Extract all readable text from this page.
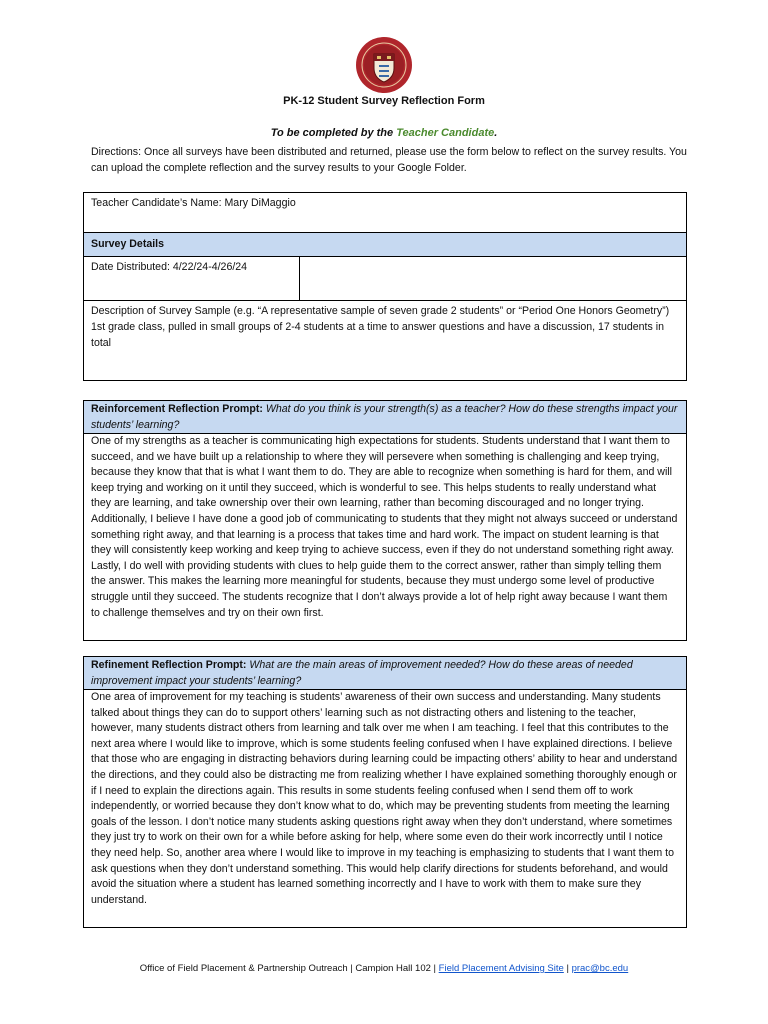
PK-12 Student Survey Reflection Form
To be completed by the Teacher Candidate.
Directions: Once all surveys have been distributed and returned, please use the form below to reflect on the survey results. You can upload the complete reflection and the survey results to your Google Folder.
Teacher Candidate’s Name: Mary DiMaggio
Survey Details
Date Distributed: 4/22/24-4/26/24	

Description of Survey Sample (e.g. “A representative sample of seven grade 2 students” or “Period One Honors Geometry”)
1st grade class, pulled in small groups of 2-4 students at a time to answer questions and have a discussion, 17 students in total
Reinforcement Reflection Prompt: What do you think is your strength(s) as a teacher? How do these strengths impact your students’ learning?
One of my strengths as a teacher is communicating high expectations for students. Students understand that I want them to succeed, and we have built up a relationship to where they will persevere when something is challenging and keep trying, because they know that that is what I want them to do. They are able to recognize when something is hard for them, and will keep trying and working on it until they succeed, which is wonderful to see. This helps students to really understand what they are learning, and take ownership over their own learning, rather than becoming discouraged and no longer trying. Additionally, I believe I have done a good job of communicating to students that they might not always succeed or understand something right away, and that learning is a process that takes time and hard work. The impact on student learning is that they will consistently keep working and keep trying to achieve success, even if they do not understand something right away. Lastly, I do well with providing students with clues to help guide them to the correct answer, rather than simply telling them the answer. This makes the learning more meaningful for students, because they must undergo some level of productive struggle until they succeed. The students recognize that I don’t always provide a lot of help right away because I want them to challenge themselves and try on their own first.
Refinement Reflection Prompt: What are the main areas of improvement needed? How do these areas of needed improvement impact your students’ learning?
One area of improvement for my teaching is students’ awareness of their own success and understanding. Many students talked about things they can do to support others’ learning such as not distracting others and listening to the teacher, however, many students distract others from learning and talk over me when I am teaching. I feel that this contributes to the next area where I would like to improve, which is some students feeling confused when I have explained directions. I believe that those who are engaging in distracting behaviors during learning could be impacting others’ ability to hear and understand the directions, and they could also be distracting me from realizing whether I have explained something thoroughly enough or if I need to explain the directions again. This results in some students feeling confused when I send them off to work independently, or worried because they don’t know what to do, which may be preventing students from meeting the learning goals of the lesson. I don’t notice many students asking questions right away when they don’t understand, where sometimes they just try to work on their own for a while before asking for help, where some even do their work incorrectly until I notice they need help. So, another area where I would like to improve in my teaching is emphasizing to students that I want them to ask questions when they don’t understand something. This would help clarify directions for students beforehand, and would avoid the situation where a student has learned something incorrectly and I have to work with them to make sure they understand.
Office of Field Placement & Partnership Outreach | Campion Hall 102 | Field Placement Advising Site | prac@bc.edu
